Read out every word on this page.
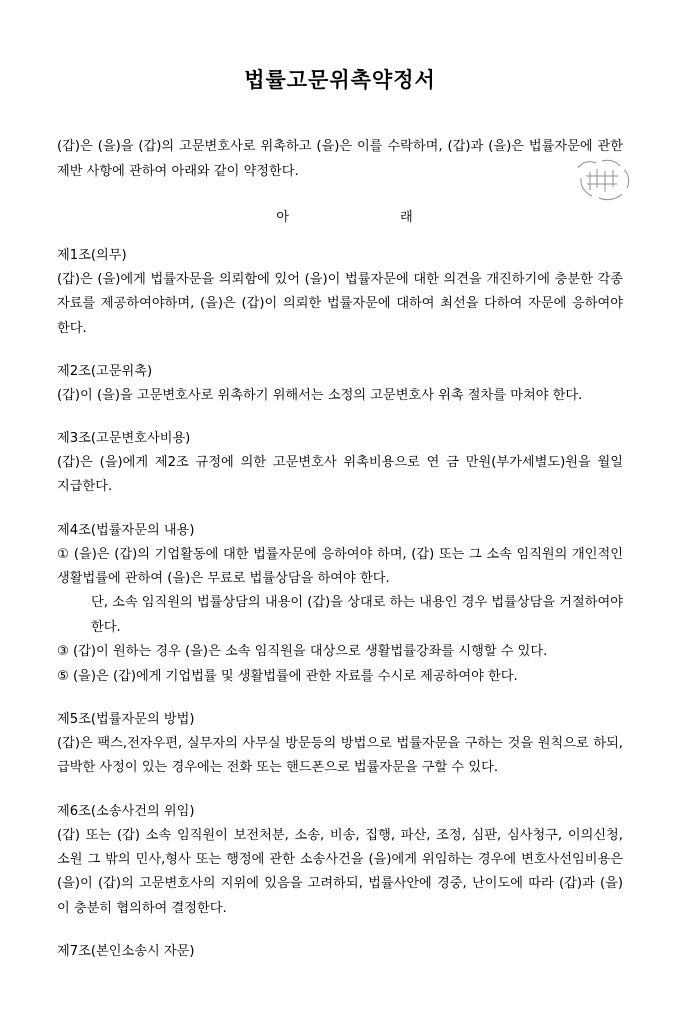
법률고문위촉약정서

(갑)은 (을)을 (갑)의 고문변호사로 위촉하고 (을)은 이를 수락하며, (갑)과 (을)은 법률자문에 관한 제반 사항에 관하여 아래와 같이 약정한다.

아	래
제1조(의무)
(갑)은 (을)에게 법률자문을 의뢰함에 있어 (을)이 법률자문에 대한 의견을 개진하기에 충분한 각종 자료를 제공하여야하며, (을)은 (갑)이 의뢰한 법률자문에 대하여 최선을 다하여 자문에 응하여야 한다.
제2조(고문위촉)
(갑)이 (을)을 고문변호사로 위촉하기 위해서는 소정의 고문변호사 위촉 절차를 마쳐야 한다.
제3조(고문변호사비용)
(갑)은 (을)에게 제2조 규정에 의한 고문변호사 위촉비용으로 연 금 만원(부가세별도)원을 월일 지급한다.
제4조(법률자문의 내용)
① (을)은 (갑)의 기업활동에 대한 법률자문에 응하여야 하며, (갑) 또는 그 소속 임직원의 개인적인 생활법률에 관하여 (을)은 무료로 법률상담을 하여야 한다.
단, 소속 임직원의 법률상담의 내용이 (갑)을 상대로 하는 내용인 경우 법률상담을 거절하여야 한다.
③ (갑)이 원하는 경우 (을)은 소속 임직원을 대상으로 생활법률강좌를 시행할 수 있다.
⑤ (을)은 (갑)에게 기업법률 및 생활법률에 관한 자료를 수시로 제공하여야 한다.
제5조(법률자문의 방법)
(갑)은 팩스,전자우편, 실무자의 사무실 방문등의 방법으로 법률자문을 구하는 것을 원칙으로 하되, 급박한 사정이 있는 경우에는 전화 또는 핸드폰으로 법률자문을 구할 수 있다.
제6조(소송사건의 위임)
(갑) 또는 (갑) 소속 임직원이 보전처분, 소송, 비송, 집행, 파산, 조정, 심판, 심사청구, 이의신청, 소원 그 밖의 민사,형사 또는 행정에 관한 소송사건을 (을)에게 위임하는 경우에 변호사선임비용은 (을)이 (갑)의 고문변호사의 지위에 있음을 고려하되, 법률사안에 경중, 난이도에 따라 (갑)과 (을)이 충분히 협의하여 결정한다.
제7조(본인소송시 자문)
